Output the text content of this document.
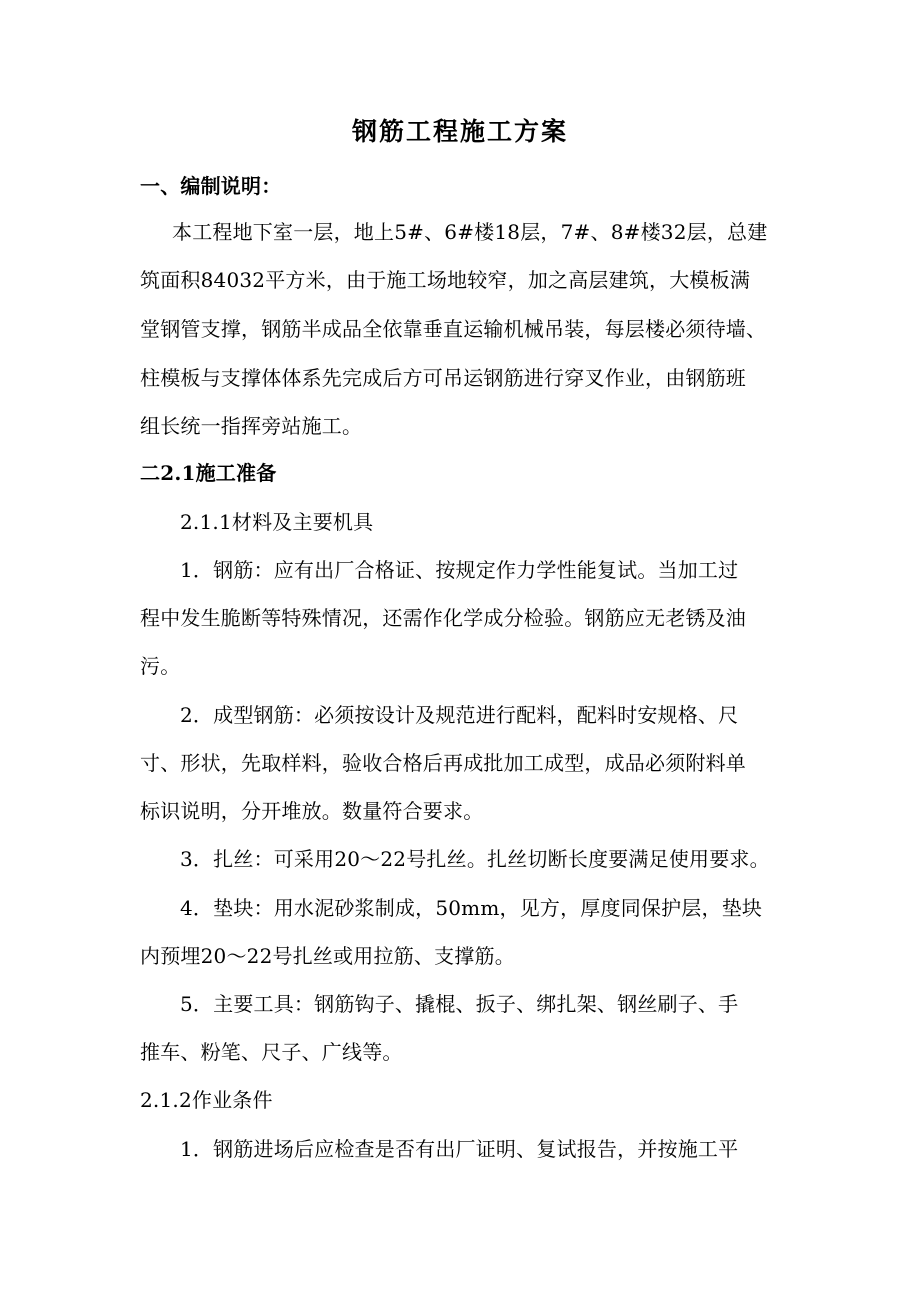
钢筋工程施工方案
一、编制说明：
本工程地下室一层，地上5#、6#楼18层，7#、8#楼32层，总建
筑面积84032平方米，由于施工场地较窄，加之高层建筑，大模板满
堂钢管支撑，钢筋半成品全依靠垂直运输机械吊装，每层楼必须待墙、
柱模板与支撑体体系先完成后方可吊运钢筋进行穿叉作业，由钢筋班
组长统一指挥旁站施工。
二2.1施工准备
2.1.1材料及主要机具
1．钢筋：应有出厂合格证、按规定作力学性能复试。当加工过
程中发生脆断等特殊情况，还需作化学成分检验。钢筋应无老锈及油
污。
2．成型钢筋：必须按设计及规范进行配料，配料时安规格、尺
寸、形状，先取样料，验收合格后再成批加工成型，成品必须附料单
标识说明，分开堆放。数量符合要求。
3．扎丝：可采用20～22号扎丝。扎丝切断长度要满足使用要求。
4．垫块：用水泥砂浆制成，50mm，见方，厚度同保护层，垫块
内预埋20～22号扎丝或用拉筋、支撑筋。
5．主要工具：钢筋钩子、撬棍、扳子、绑扎架、钢丝刷子、手
推车、粉笔、尺子、广线等。
2.1.2作业条件
1．钢筋进场后应检查是否有出厂证明、复试报告，并按施工平
